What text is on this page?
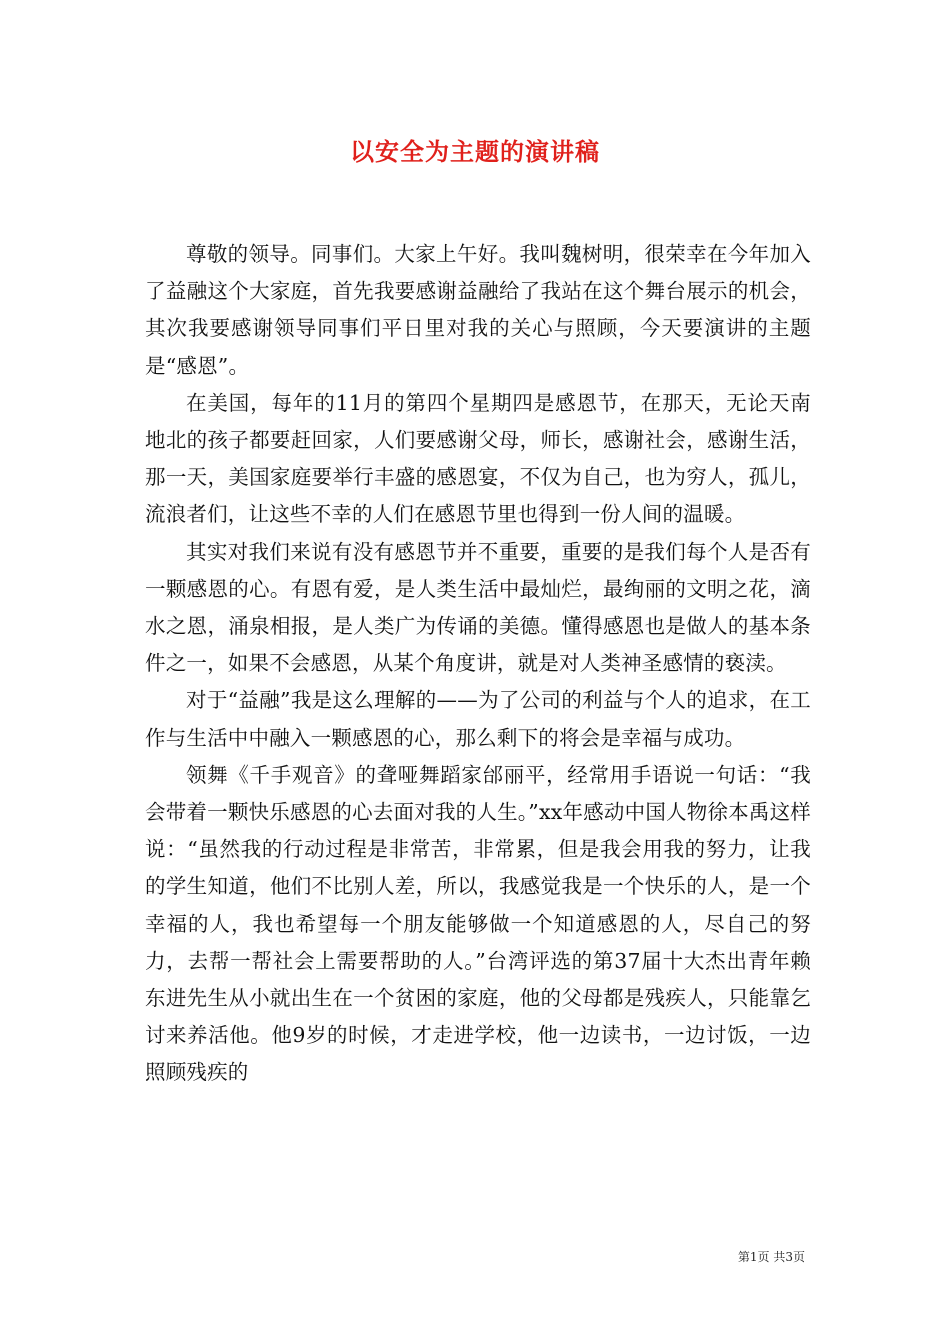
以安全为主题的演讲稿

尊敬的领导。同事们。大家上午好。我叫魏树明，很荣幸在今年加入了益融这个大家庭，首先我要感谢益融给了我站在这个舞台展示的机会，其次我要感谢领导同事们平日里对我的关心与照顾，今天要演讲的主题是“感恩”。

在美国，每年的11月的第四个星期四是感恩节，在那天，无论天南地北的孩子都要赶回家，人们要感谢父母，师长，感谢社会，感谢生活，那一天，美国家庭要举行丰盛的感恩宴，不仅为自己，也为穷人，孤儿，流浪者们，让这些不幸的人们在感恩节里也得到一份人间的温暖。

其实对我们来说有没有感恩节并不重要，重要的是我们每个人是否有一颗感恩的心。有恩有爱，是人类生活中最灿烂，最绚丽的文明之花，滴水之恩，涌泉相报，是人类广为传诵的美德。懂得感恩也是做人的基本条件之一，如果不会感恩，从某个角度讲，就是对人类神圣感情的亵渎。

对于“益融”我是这么理解的——为了公司的利益与个人的追求，在工作与生活中中融入一颗感恩的心，那么剩下的将会是幸福与成功。

领舞《千手观音》的聋哑舞蹈家邰丽平，经常用手语说一句话：“我会带着一颗快乐感恩的心去面对我的人生。”xx年感动中国人物徐本禹这样说：“虽然我的行动过程是非常苦，非常累，但是我会用我的努力，让我的学生知道，他们不比别人差，所以，我感觉我是一个快乐的人，是一个幸福的人，我也希望每一个朋友能够做一个知道感恩的人，尽自己的努力，去帮一帮社会上需要帮助的人。”台湾评选的第37届十大杰出青年赖东进先生从小就出生在一个贫困的家庭，他的父母都是残疾人，只能靠乞讨来养活他。他9岁的时候，才走进学校，他一边读书，一边讨饭，一边照顾残疾的

第1页 共3页
